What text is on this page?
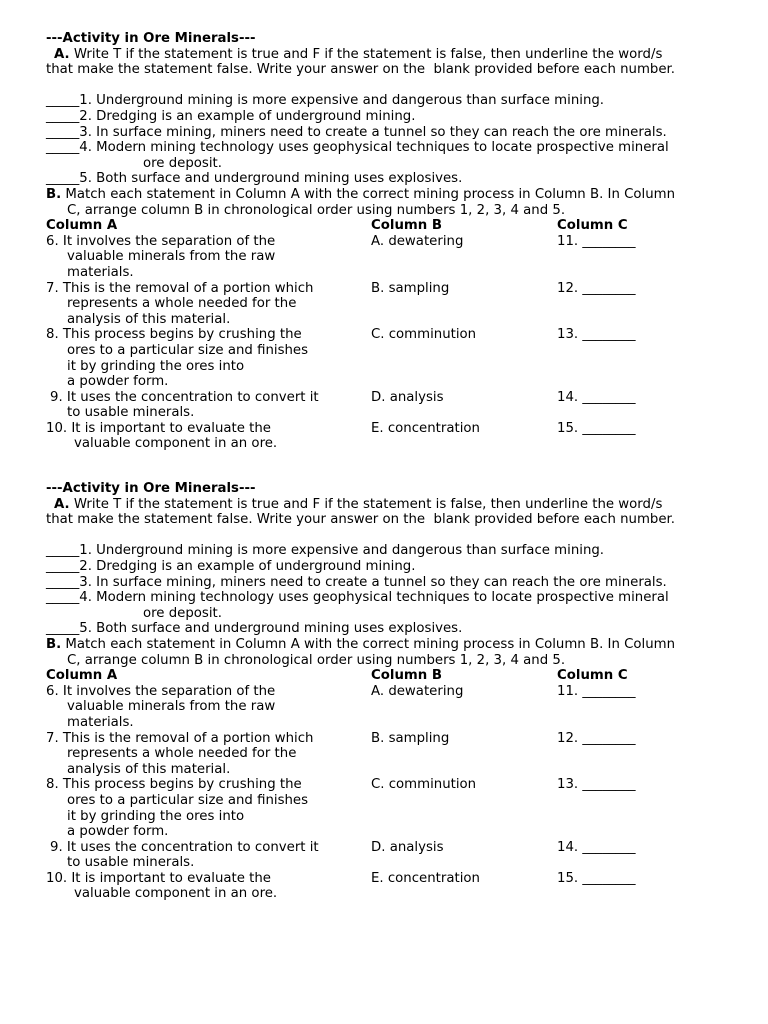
---Activity in Ore Minerals---
A. Write T if the statement is true and F if the statement is false, then underline the word/s
that make the statement false. Write your answer on the  blank provided before each number.
_____1. Underground mining is more expensive and dangerous than surface mining.
_____2. Dredging is an example of underground mining.
_____3. In surface mining, miners need to create a tunnel so they can reach the ore minerals.
_____4. Modern mining technology uses geophysical techniques to locate prospective mineral
ore deposit.
_____5. Both surface and underground mining uses explosives.
B. Match each statement in Column A with the correct mining process in Column B. In Column
C, arrange column B in chronological order using numbers 1, 2, 3, 4 and 5.
Column A	Column B	Column C
6. It involves the separation of the
valuable minerals from the raw
materials.
A. dewatering	11. ________
7. This is the removal of a portion which
represents a whole needed for the
analysis of this material.
B. sampling	12. ________
8. This process begins by crushing the
ores to a particular size and finishes
it by grinding the ores into
a powder form.
C. comminution	13. ________
9. It uses the concentration to convert it
to usable minerals.
D. analysis	14. ________
10. It is important to evaluate the
valuable component in an ore.
E. concentration	15. ________
---Activity in Ore Minerals---
A. Write T if the statement is true and F if the statement is false, then underline the word/s
that make the statement false. Write your answer on the  blank provided before each number.
_____1. Underground mining is more expensive and dangerous than surface mining.
_____2. Dredging is an example of underground mining.
_____3. In surface mining, miners need to create a tunnel so they can reach the ore minerals.
_____4. Modern mining technology uses geophysical techniques to locate prospective mineral
ore deposit.
_____5. Both surface and underground mining uses explosives.
B. Match each statement in Column A with the correct mining process in Column B. In Column
C, arrange column B in chronological order using numbers 1, 2, 3, 4 and 5.
Column A	Column B	Column C
6. It involves the separation of the
valuable minerals from the raw
materials.
A. dewatering	11. ________
7. This is the removal of a portion which
represents a whole needed for the
analysis of this material.
B. sampling	12. ________
8. This process begins by crushing the
ores to a particular size and finishes
it by grinding the ores into
a powder form.
C. comminution	13. ________
9. It uses the concentration to convert it
to usable minerals.
D. analysis	14. ________
10. It is important to evaluate the
valuable component in an ore.
E. concentration	15. ________
